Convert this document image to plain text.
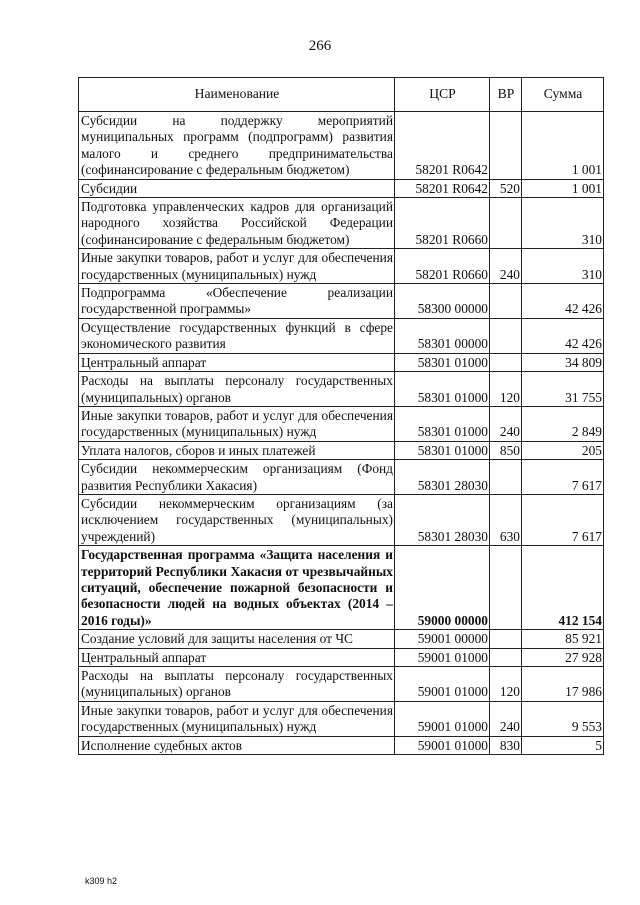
266
Наименование	ЦСР	ВР	Сумма
Субсидии на поддержку мероприятий муниципальных программ (подпрограмм) развития малого и среднего предпринимательства (софинансирование с федеральным бюджетом)	58201 R0642		1 001
Субсидии	58201 R0642	520	1 001
Подготовка управленческих кадров для организаций народного хозяйства Российской Федерации (софинансирование с федеральным бюджетом)	58201 R0660		310
Иные закупки товаров, работ и услуг для обеспечения государственных (муниципальных) нужд	58201 R0660	240	310
Подпрограмма «Обеспечение реализации государственной программы»	58300 00000		42 426
Осуществление государственных функций в сфере экономического развития	58301 00000		42 426
Центральный аппарат	58301 01000		34 809
Расходы на выплаты персоналу государственных (муниципальных) органов	58301 01000	120	31 755
Иные закупки товаров, работ и услуг для обеспечения государственных (муниципальных) нужд	58301 01000	240	2 849
Уплата налогов, сборов и иных платежей	58301 01000	850	205
Субсидии некоммерческим организациям (Фонд развития Республики Хакасия)	58301 28030		7 617
Субсидии некоммерческим организациям (за исключением государственных (муниципальных) учреждений)	58301 28030	630	7 617
Государственная программа «Защита населения и территорий Республики Хакасия от чрезвычайных ситуаций, обеспечение пожарной безопасности и безопасности людей на водных объектах (2014 – 2016 годы)»	59000 00000		412 154
Создание условий для защиты населения от ЧС	59001 00000		85 921
Центральный аппарат	59001 01000		27 928
Расходы на выплаты персоналу государственных (муниципальных) органов	59001 01000	120	17 986
Иные закупки товаров, работ и услуг для обеспечения государственных (муниципальных) нужд	59001 01000	240	9 553
Исполнение судебных актов	59001 01000	830	5
k309 h2
